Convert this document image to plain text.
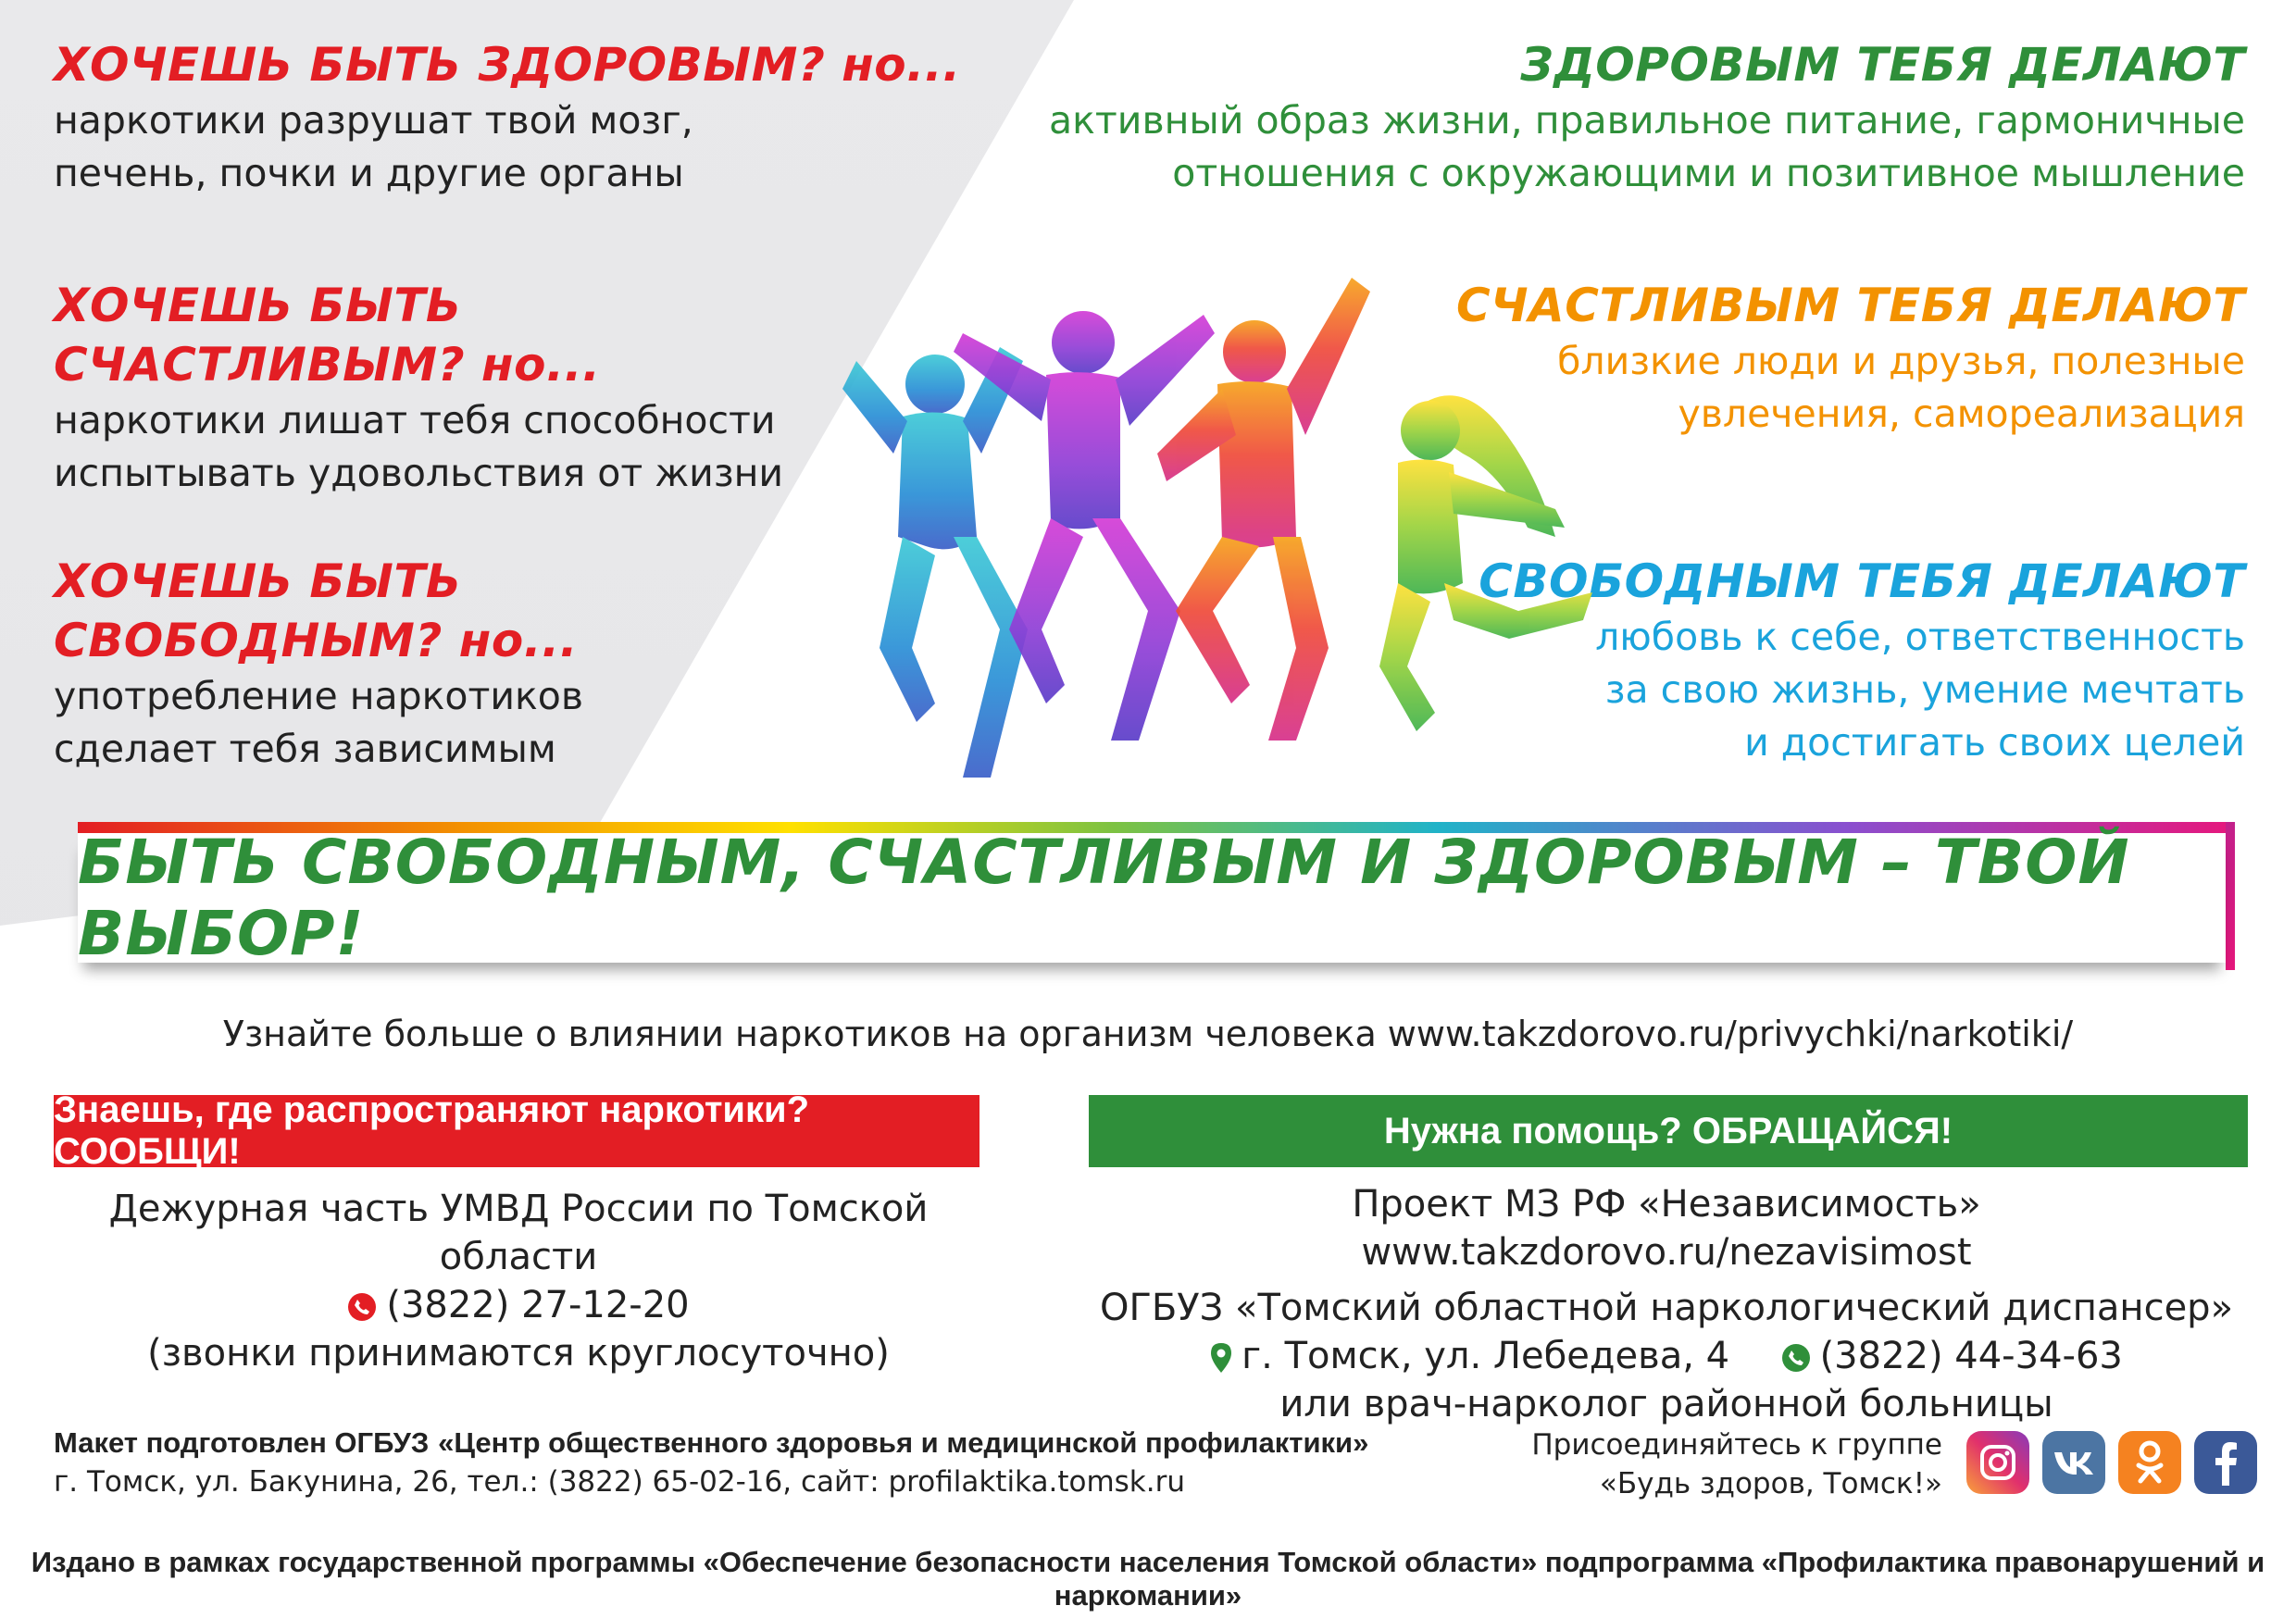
ХОЧЕШЬ БЫТЬ ЗДОРОВЫМ? но...
наркотики разрушат твой мозг,
печень, почки и другие органы
ХОЧЕШЬ БЫТЬ
СЧАСТЛИВЫМ? но...
наркотики лишат тебя способности
испытывать удовольствия от жизни
ХОЧЕШЬ БЫТЬ
СВОБОДНЫМ? но...
употребление наркотиков
сделает тебя зависимым
ЗДОРОВЫМ ТЕБЯ ДЕЛАЮТ
активный образ жизни, правильное питание, гармоничные
отношения с окружающими и позитивное мышление
СЧАСТЛИВЫМ ТЕБЯ ДЕЛАЮТ
близкие люди и друзья, полезные
увлечения, самореализация
СВОБОДНЫМ ТЕБЯ ДЕЛАЮТ
любовь к себе, ответственность
за свою жизнь, умение мечтать
и достигать своих целей
БЫТЬ СВОБОДНЫМ, СЧАСТЛИВЫМ И ЗДОРОВЫМ – ТВОЙ ВЫБОР!
Узнайте больше о влиянии наркотиков на организм человека www.takzdorovo.ru/privychki/narkotiki/
Знаешь, где распространяют наркотики? СООБЩИ!
Нужна помощь? ОБРАЩАЙСЯ!
Дежурная часть УМВД России по Томской области
(3822) 27-12-20
(звонки принимаются круглосуточно)
Проект МЗ РФ «Независимость» www.takzdorovo.ru/nezavisimost
ОГБУЗ «Томский областной наркологический диспансер»
г. Томск, ул. Лебедева, 4 (3822) 44-34-63
или врач-нарколог районной больницы
Макет подготовлен ОГБУЗ «Центр общественного здоровья и медицинской профилактики»
г. Томск, ул. Бакунина, 26, тел.: (3822) 65-02-16, сайт: profilaktika.tomsk.ru
Присоединяйтесь к группе
«Будь здоров, Томск!»
Издано в рамках государственной программы «Обеспечение безопасности населения Томской области» подпрограмма «Профилактика правонарушений и наркомании»
